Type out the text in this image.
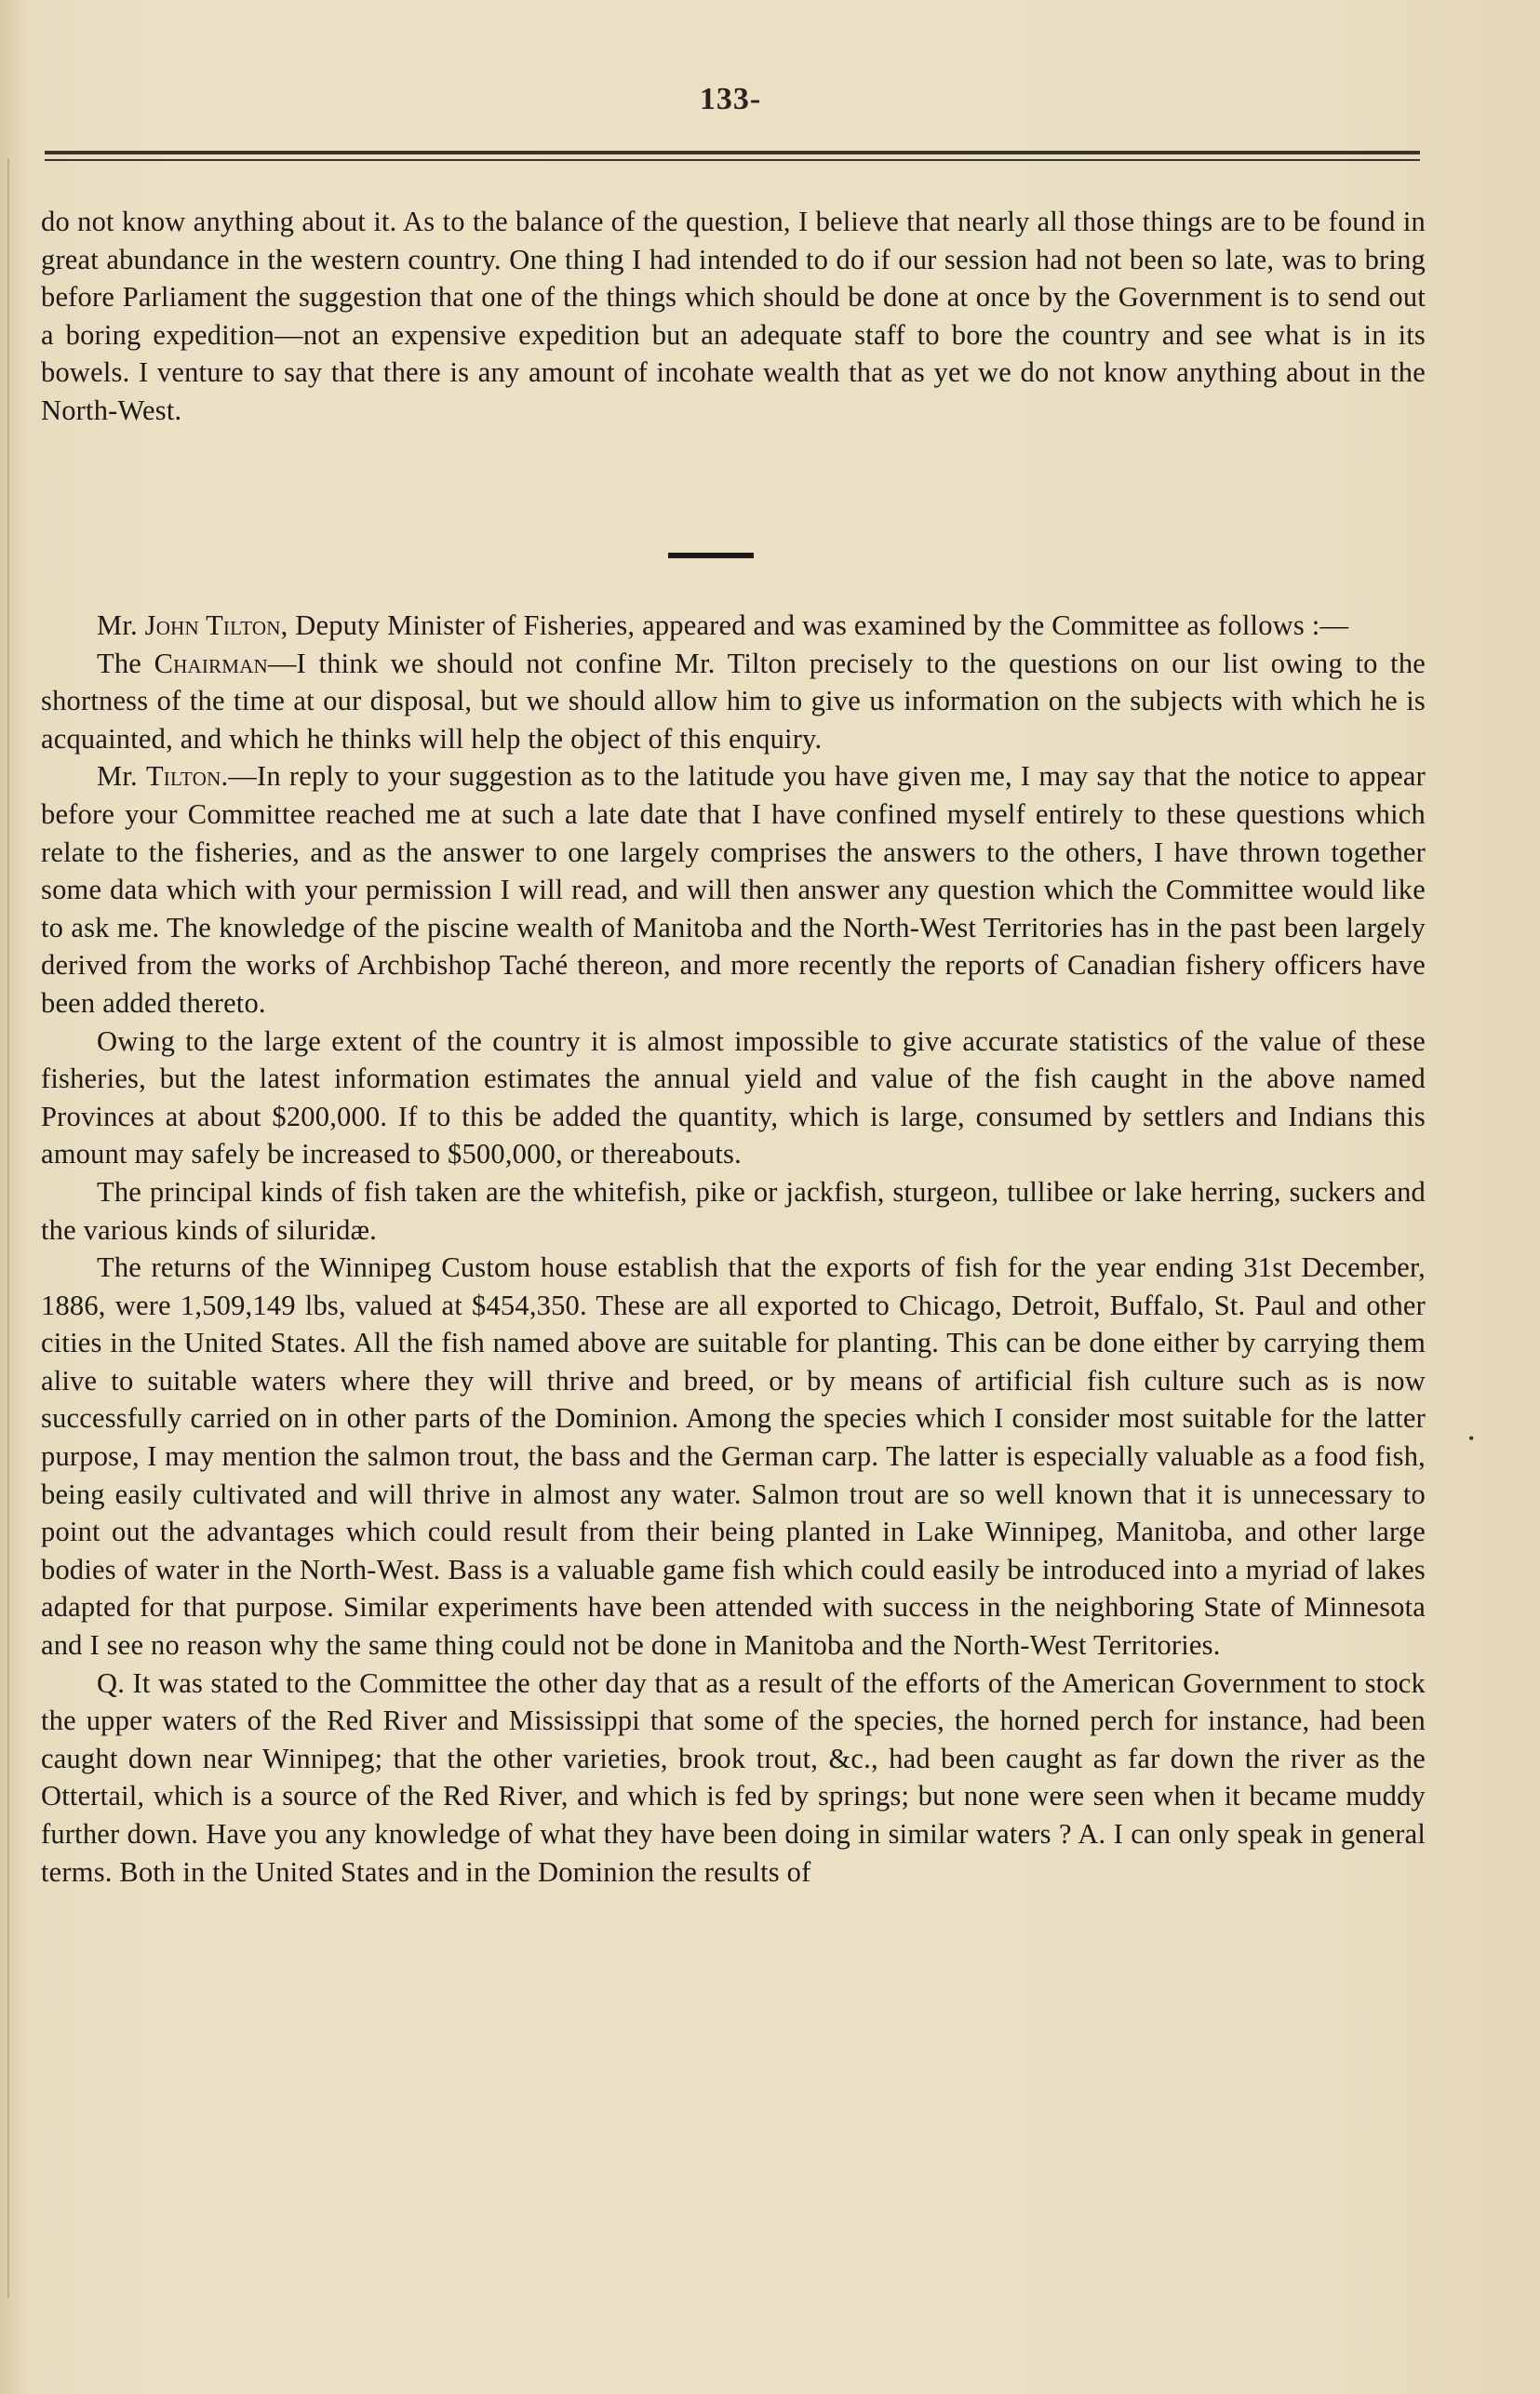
133-

do not know anything about it. As to the balance of the question, I believe that nearly all those things are to be found in great abundance in the western country. One thing I had intended to do if our session had not been so late, was to bring before Parliament the suggestion that one of the things which should be done at once by the Government is to send out a boring expedition—not an expensive expedition but an adequate staff to bore the country and see what is in its bowels. I venture to say that there is any amount of incohate wealth that as yet we do not know anything about in the North-West.

Mr. John Tilton, Deputy Minister of Fisheries, appeared and was examined by the Committee as follows :—

The Chairman—I think we should not confine Mr. Tilton precisely to the questions on our list owing to the shortness of the time at our disposal, but we should allow him to give us information on the subjects with which he is acquainted, and which he thinks will help the object of this enquiry.

Mr. Tilton.—In reply to your suggestion as to the latitude you have given me, I may say that the notice to appear before your Committee reached me at such a late date that I have confined myself entirely to these questions which relate to the fisheries, and as the answer to one largely comprises the answers to the others, I have thrown together some data which with your permission I will read, and will then answer any question which the Committee would like to ask me. The knowledge of the piscine wealth of Manitoba and the North-West Territories has in the past been largely derived from the works of Archbishop Taché thereon, and more recently the reports of Canadian fishery officers have been added thereto.

Owing to the large extent of the country it is almost impossible to give accurate statistics of the value of these fisheries, but the latest information estimates the annual yield and value of the fish caught in the above named Provinces at about $200,000. If to this be added the quantity, which is large, consumed by settlers and Indians this amount may safely be increased to $500,000, or thereabouts.

The principal kinds of fish taken are the whitefish, pike or jackfish, sturgeon, tullibee or lake herring, suckers and the various kinds of siluridæ.

The returns of the Winnipeg Custom house establish that the exports of fish for the year ending 31st December, 1886, were 1,509,149 lbs, valued at $454,350. These are all exported to Chicago, Detroit, Buffalo, St. Paul and other cities in the United States. All the fish named above are suitable for planting. This can be done either by carrying them alive to suitable waters where they will thrive and breed, or by means of artificial fish culture such as is now successfully carried on in other parts of the Dominion. Among the species which I consider most suitable for the latter purpose, I may mention the salmon trout, the bass and the German carp. The latter is especially valuable as a food fish, being easily cultivated and will thrive in almost any water. Salmon trout are so well known that it is unnecessary to point out the advantages which could result from their being planted in Lake Winnipeg, Manitoba, and other large bodies of water in the North-West. Bass is a valuable game fish which could easily be introduced into a myriad of lakes adapted for that purpose. Similar experiments have been attended with success in the neighboring State of Minnesota and I see no reason why the same thing could not be done in Manitoba and the North-West Territories.

Q. It was stated to the Committee the other day that as a result of the efforts of the American Government to stock the upper waters of the Red River and Mississippi that some of the species, the horned perch for instance, had been caught down near Winnipeg; that the other varieties, brook trout, &c., had been caught as far down the river as the Ottertail, which is a source of the Red River, and which is fed by springs; but none were seen when it became muddy further down. Have you any knowledge of what they have been doing in similar waters ? A. I can only speak in general terms. Both in the United States and in the Dominion the results of

•
